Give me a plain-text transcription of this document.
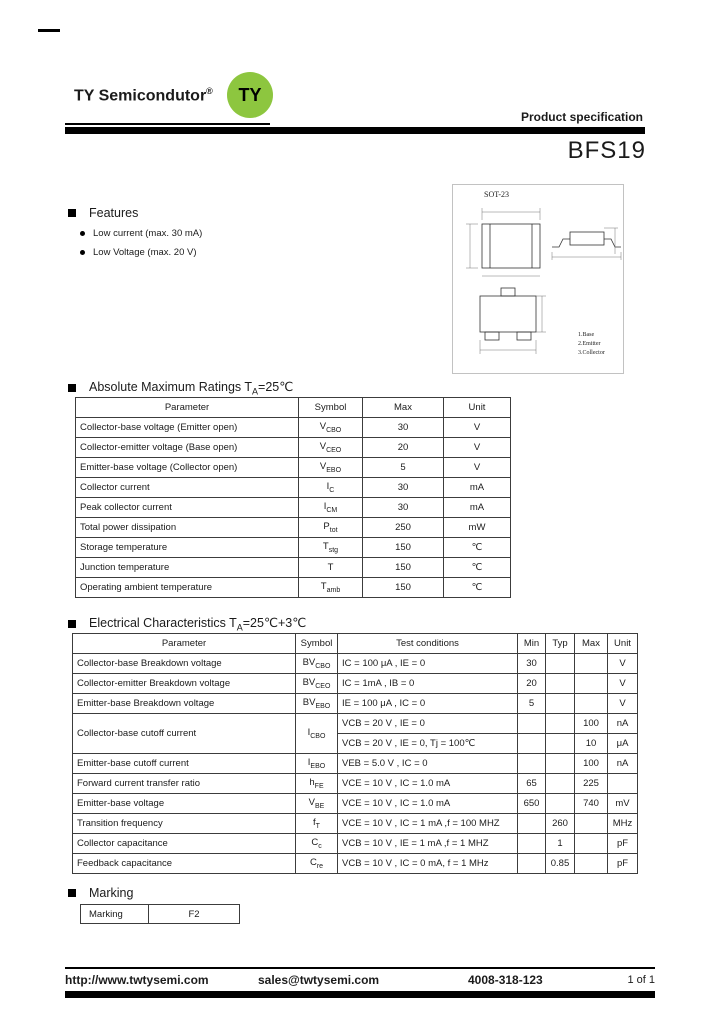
TY Semicondutor® TY
Product specification
BFS19
Features
Low current (max. 30 mA)
Low Voltage (max. 20 V)
SOT-23
1.Base
2.Emitter
3.Collector
Absolute Maximum Ratings $T_A=25℃$
Parameter	Symbol	Max	Unit
Collector-base voltage (Emitter open)	$V_{CBO}$	30	V
Collector-emitter voltage (Base open)	$V_{CEO}$	20	V
Emitter-base voltage (Collector open)	$V_{EBO}$	5	V
Collector current	$I_C$	30	mA
Peak collector current	$I_{CM}$	30	mA
Total power dissipation	$P_{tot}$	250	mW
Storage temperature	$T_{stg}$	150	℃
Junction temperature	T	150	℃
Operating ambient temperature	$T_{amb}$	150	℃
Electrical Characteristics $T_A=25℃+3℃$
Parameter	Symbol	Test conditions	Min	Typ	Max	Unit
Collector-base Breakdown voltage	$BV_{CBO}$	IC = 100 μA , IE = 0	30			V
Collector-emitter Breakdown voltage	$BV_{CEO}$	IC = 1mA , IB = 0	20			V
Emitter-base Breakdown voltage	$BV_{EBO}$	IE = 100 μA , IC = 0	5			V
Collector-base cutoff current	$I_{CBO}$	VCB = 20 V , IE = 0			100	nA
		VCB = 20 V , IE = 0, Tj = 100℃			10	μA
Emitter-base cutoff current	$I_{EBO}$	VEB = 5.0 V , IC = 0			100	nA
Forward current transfer ratio	$h_{FE}$	VCE = 10 V , IC = 1.0 mA	65		225	
Emitter-base voltage	$V_{BE}$	VCE = 10 V , IC = 1.0 mA	650		740	mV
Transition frequency	$f_T$	VCE = 10 V , IC = 1 mA ,f = 100 MHZ		260		MHz
Collector capacitance	$C_c$	VCB = 10 V , IE = 1 mA ,f = 1 MHZ		1		pF
Feedback capacitance	$C_{re}$	VCB = 10 V , IC = 0 mA, f = 1 MHz		0.85		pF
Marking
Marking	F2
http://www.twtysemi.com	sales@twtysemi.com	4008-318-123	1 of 1
